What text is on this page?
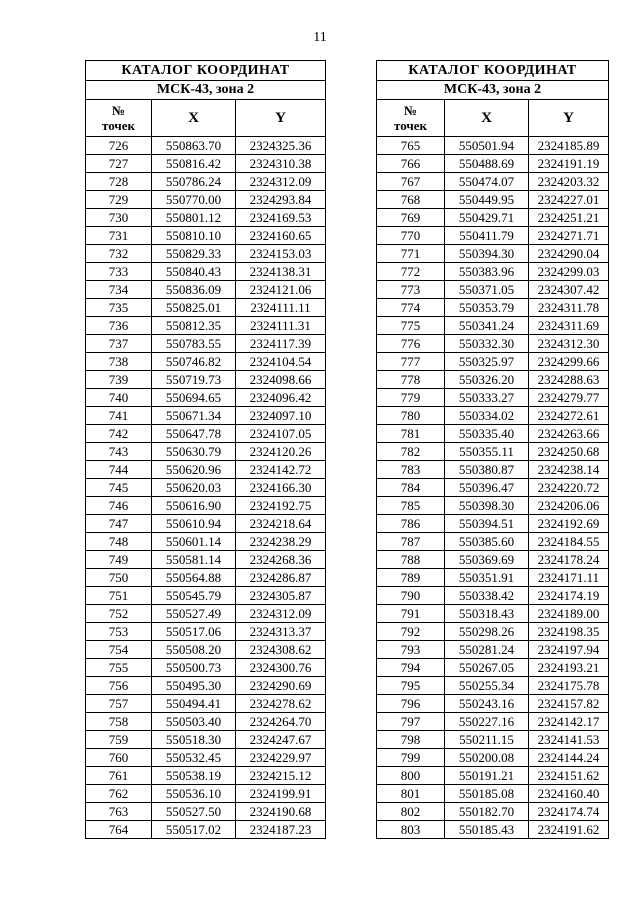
11
КАТАЛОГ КООРДИНАТ		
МСК-43, зона 2		
№
точек	X	Y
726	550863.70	2324325.36
727	550816.42	2324310.38
728	550786.24	2324312.09
729	550770.00	2324293.84
730	550801.12	2324169.53
731	550810.10	2324160.65
732	550829.33	2324153.03
733	550840.43	2324138.31
734	550836.09	2324121.06
735	550825.01	2324111.11
736	550812.35	2324111.31
737	550783.55	2324117.39
738	550746.82	2324104.54
739	550719.73	2324098.66
740	550694.65	2324096.42
741	550671.34	2324097.10
742	550647.78	2324107.05
743	550630.79	2324120.26
744	550620.96	2324142.72
745	550620.03	2324166.30
746	550616.90	2324192.75
747	550610.94	2324218.64
748	550601.14	2324238.29
749	550581.14	2324268.36
750	550564.88	2324286.87
751	550545.79	2324305.87
752	550527.49	2324312.09
753	550517.06	2324313.37
754	550508.20	2324308.62
755	550500.73	2324300.76
756	550495.30	2324290.69
757	550494.41	2324278.62
758	550503.40	2324264.70
759	550518.30	2324247.67
760	550532.45	2324229.97
761	550538.19	2324215.12
762	550536.10	2324199.91
763	550527.50	2324190.68
764	550517.02	2324187.23
КАТАЛОГ КООРДИНАТ		
МСК-43, зона 2		
№
точек	X	Y
765	550501.94	2324185.89
766	550488.69	2324191.19
767	550474.07	2324203.32
768	550449.95	2324227.01
769	550429.71	2324251.21
770	550411.79	2324271.71
771	550394.30	2324290.04
772	550383.96	2324299.03
773	550371.05	2324307.42
774	550353.79	2324311.78
775	550341.24	2324311.69
776	550332.30	2324312.30
777	550325.97	2324299.66
778	550326.20	2324288.63
779	550333.27	2324279.77
780	550334.02	2324272.61
781	550335.40	2324263.66
782	550355.11	2324250.68
783	550380.87	2324238.14
784	550396.47	2324220.72
785	550398.30	2324206.06
786	550394.51	2324192.69
787	550385.60	2324184.55
788	550369.69	2324178.24
789	550351.91	2324171.11
790	550338.42	2324174.19
791	550318.43	2324189.00
792	550298.26	2324198.35
793	550281.24	2324197.94
794	550267.05	2324193.21
795	550255.34	2324175.78
796	550243.16	2324157.82
797	550227.16	2324142.17
798	550211.15	2324141.53
799	550200.08	2324144.24
800	550191.21	2324151.62
801	550185.08	2324160.40
802	550182.70	2324174.74
803	550185.43	2324191.62
